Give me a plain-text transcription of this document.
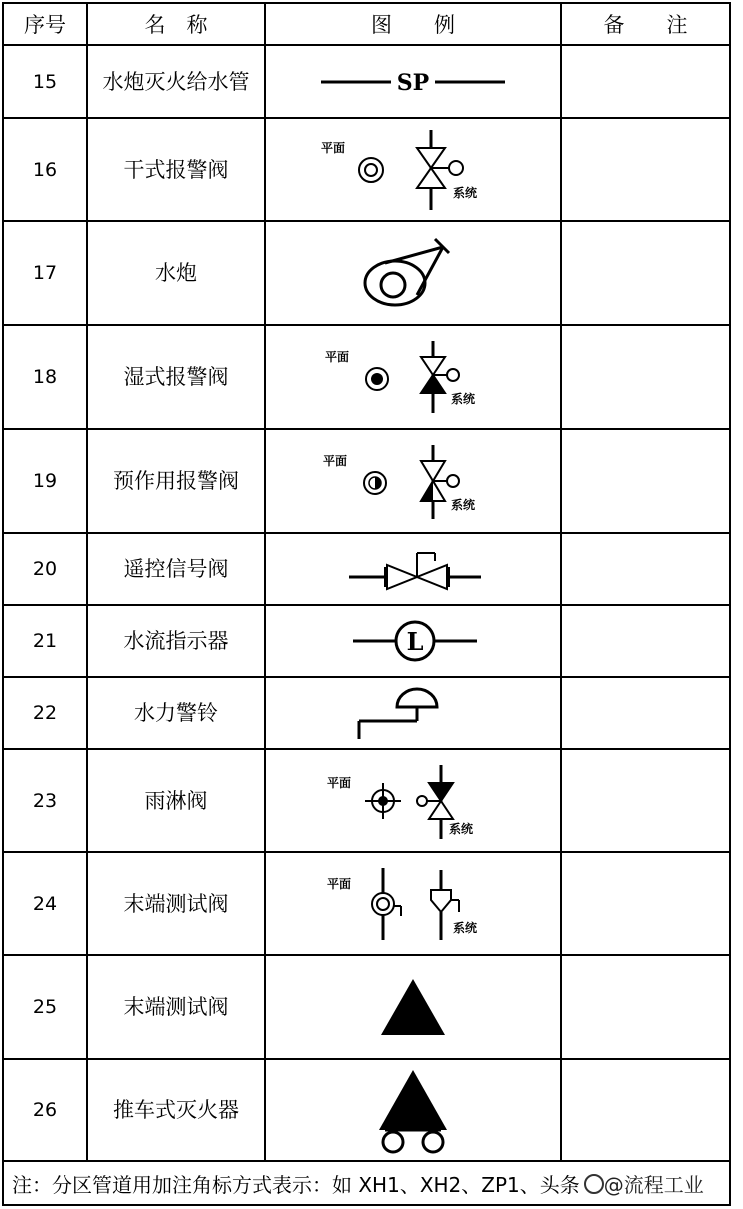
序号	名　称	图　　例	备　　注
15	水炮灭火给水管	SP	

16	干式报警阀	平面
系统	

17	水炮	

18	湿式报警阀	平面
系统	

19	预作用报警阀	平面
系统	

20	遥控信号阀	

21	水流指示器	L	

22	水力警铃	

23	雨淋阀	平面
系统	

24	末端测试阀	平面
系统	

25	末端测试阀	

26	推车式灭火器	

注：分区管道用加注角标方式表示：如 XH1、XH2、ZP1、头条 @流程工业			
